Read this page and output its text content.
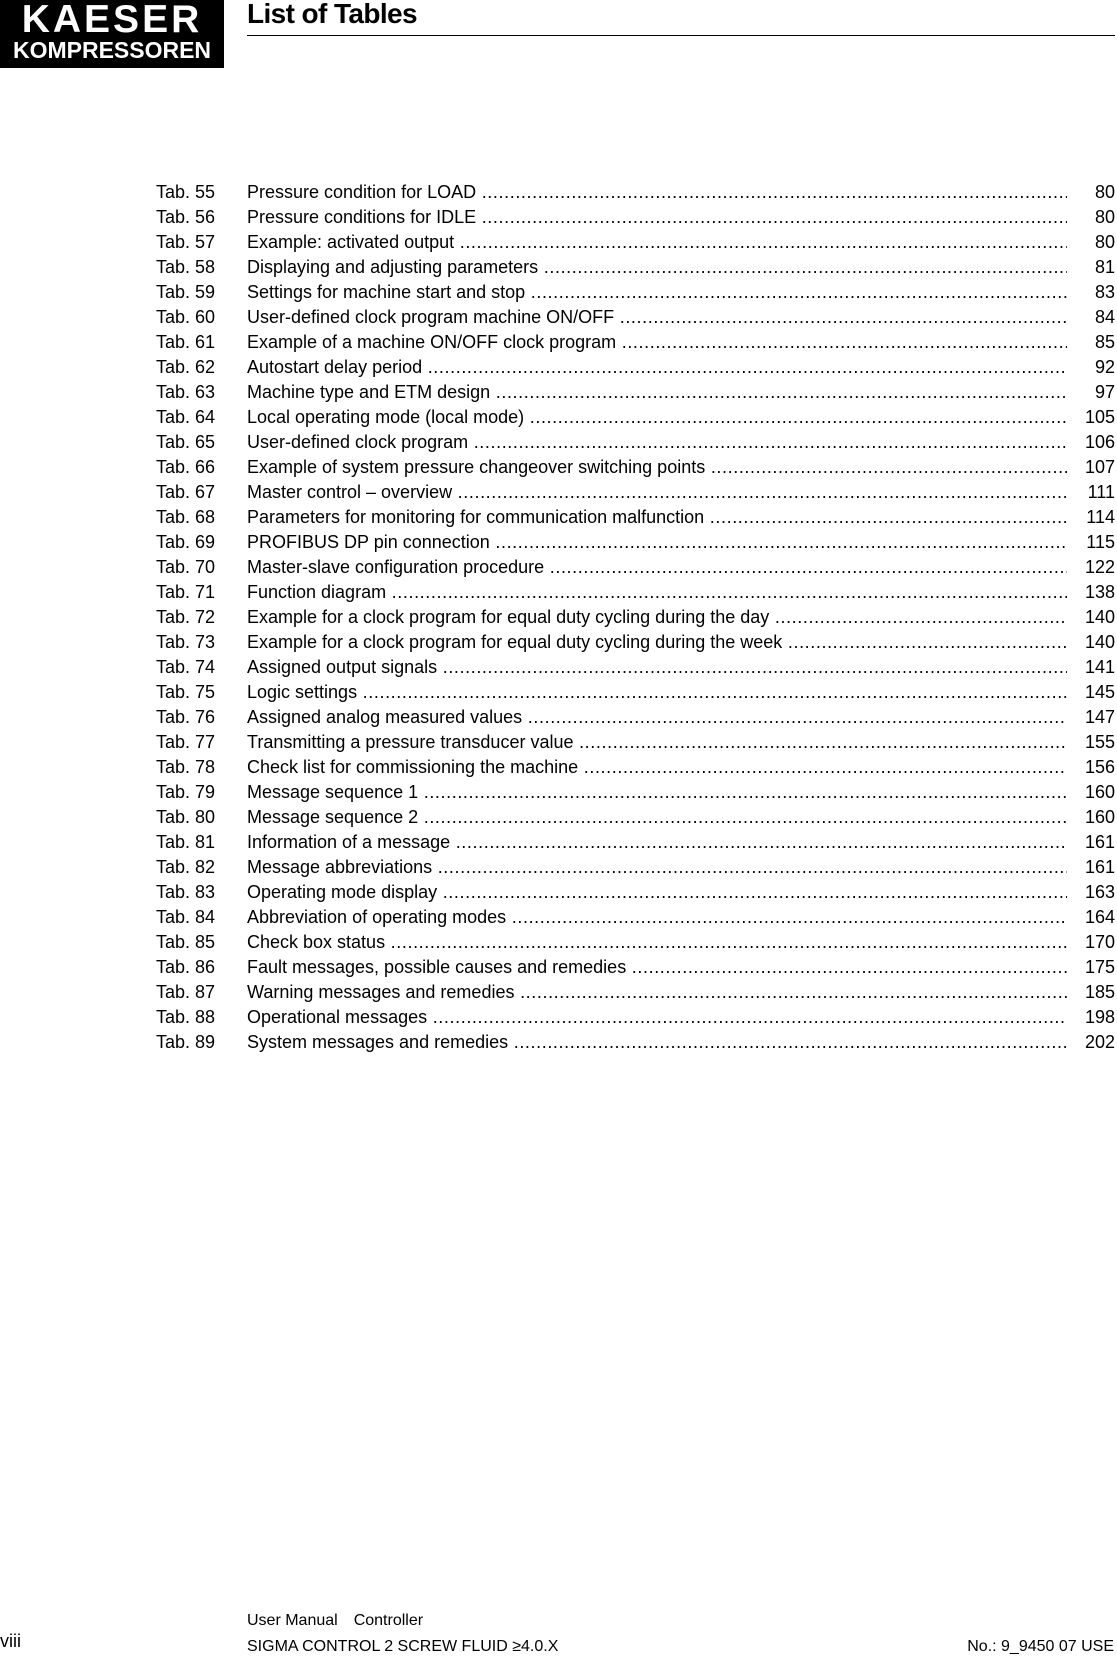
KAESER
KOMPRESSOREN
List of Tables
Tab. 55	Pressure condition for LOAD .....	80
Tab. 56	Pressure conditions for IDLE .....	80
Tab. 57	Example: activated output .....	80
Tab. 58	Displaying and adjusting parameters .....	81
Tab. 59	Settings for machine start and stop .....	83
Tab. 60	User-defined clock program machine ON/OFF .....	84
Tab. 61	Example of a machine ON/OFF clock program .....	85
Tab. 62	Autostart delay period .....	92
Tab. 63	Machine type and ETM design .....	97
Tab. 64	Local operating mode (local mode) .....	105
Tab. 65	User-defined clock program .....	106
Tab. 66	Example of system pressure changeover switching points .....	107
Tab. 67	Master control – overview .....	111
Tab. 68	Parameters for monitoring for communication malfunction .....	114
Tab. 69	PROFIBUS DP pin connection .....	115
Tab. 70	Master-slave configuration procedure .....	122
Tab. 71	Function diagram .....	138
Tab. 72	Example for a clock program for equal duty cycling during the day .....	140
Tab. 73	Example for a clock program for equal duty cycling during the week .....	140
Tab. 74	Assigned output signals .....	141
Tab. 75	Logic settings .....	145
Tab. 76	Assigned analog measured values .....	147
Tab. 77	Transmitting a pressure transducer value .....	155
Tab. 78	Check list for commissioning the machine .....	156
Tab. 79	Message sequence 1 .....	160
Tab. 80	Message sequence 2 .....	160
Tab. 81	Information of a message .....	161
Tab. 82	Message abbreviations .....	161
Tab. 83	Operating mode display .....	163
Tab. 84	Abbreviation of operating modes .....	164
Tab. 85	Check box status .....	170
Tab. 86	Fault messages, possible causes and remedies .....	175
Tab. 87	Warning messages and remedies .....	185
Tab. 88	Operational messages .....	198
Tab. 89	System messages and remedies .....	202
viii
User Manual Controller
SIGMA CONTROL 2 SCREW FLUID ≥4.0.X	No.: 9_9450 07 USE
